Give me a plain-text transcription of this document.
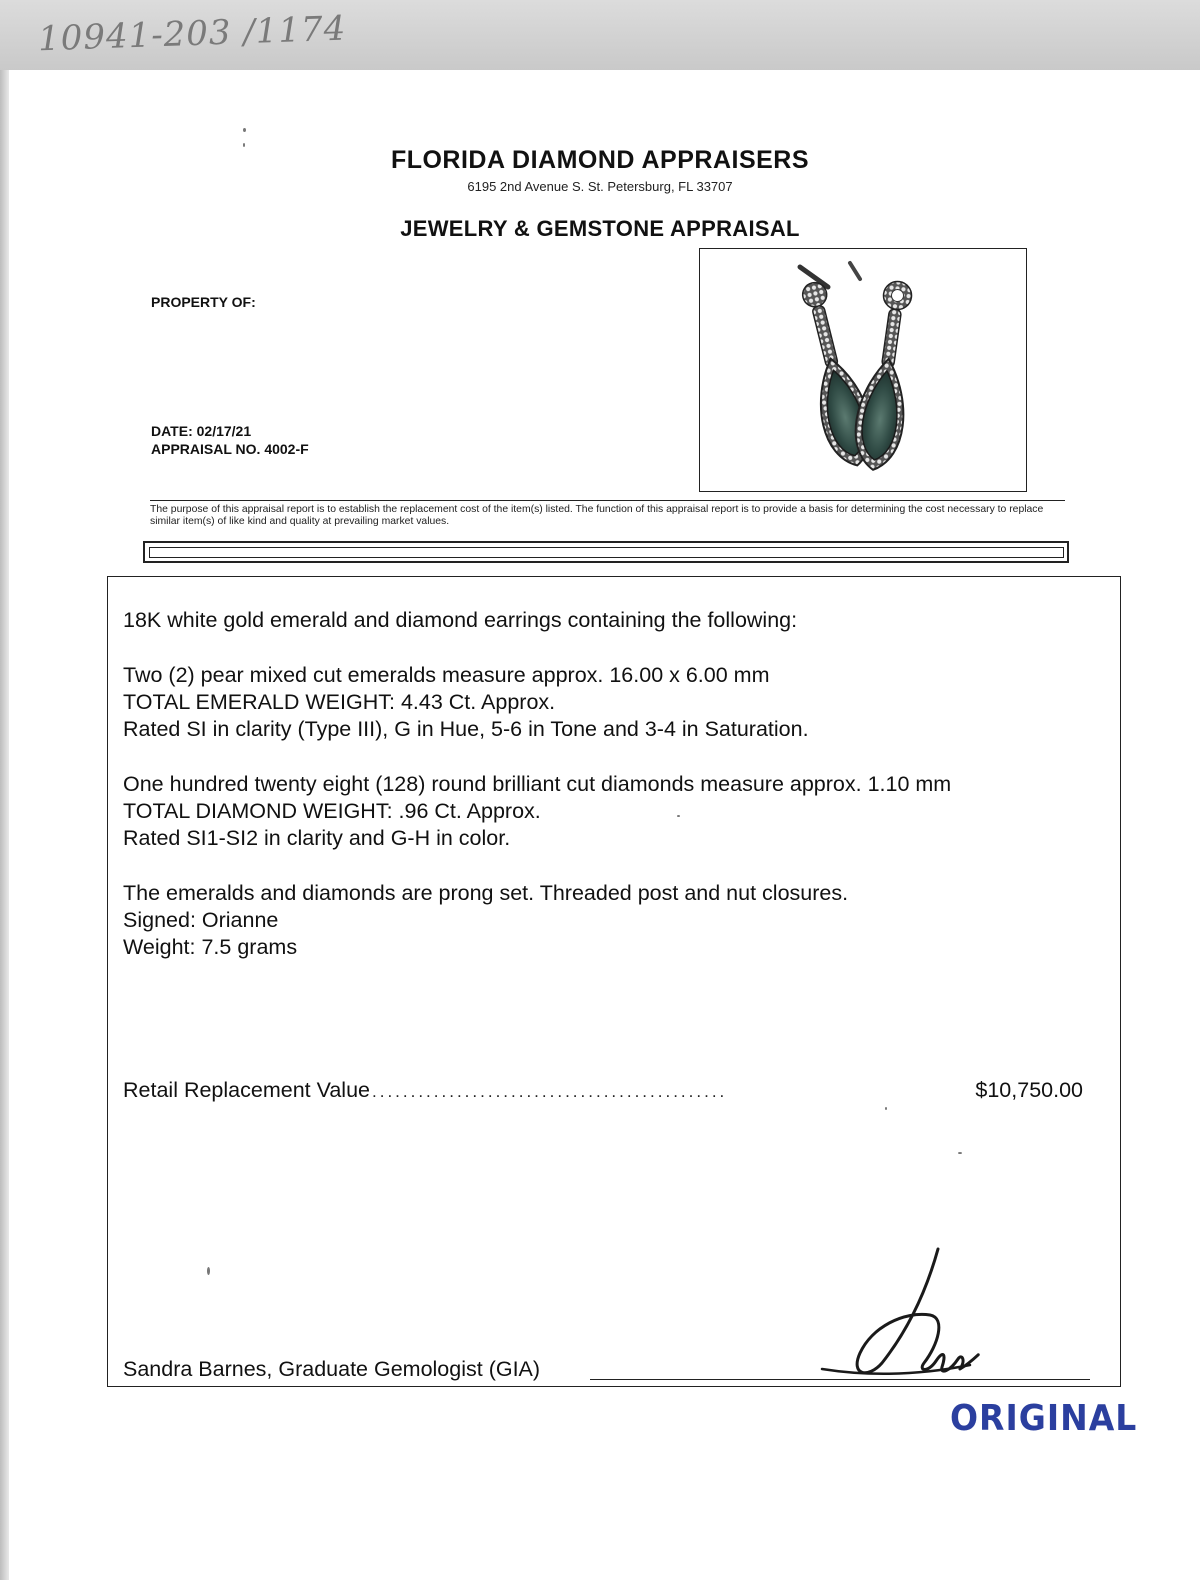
10941-203 /1174
FLORIDA DIAMOND APPRAISERS
6195 2nd Avenue S. St. Petersburg, FL 33707
JEWELRY & GEMSTONE APPRAISAL
PROPERTY OF:
DATE: 02/17/21
APPRAISAL NO. 4002-F
The purpose of this appraisal report is to establish the replacement cost of the item(s) listed. The function of this appraisal report is to provide a basis for determining the cost necessary to replace similar item(s) of like kind and quality at prevailing market values.
18K white gold emerald and diamond earrings containing the following:
Two (2) pear mixed cut emeralds measure approx. 16.00 x 6.00 mm
TOTAL EMERALD WEIGHT: 4.43 Ct. Approx.
Rated SI in clarity (Type III), G in Hue, 5-6 in Tone and 3-4 in Saturation.
One hundred twenty eight (128) round brilliant cut diamonds measure approx. 1.10 mm
TOTAL DIAMOND WEIGHT: .96 Ct. Approx.
Rated SI1-SI2 in clarity and G-H in color.
The emeralds and diamonds are prong set. Threaded post and nut closures.
Signed: Orianne
Weight: 7.5 grams
Retail Replacement Value ..............................................	$10,750.00
Sandra Barnes, Graduate Gemologist (GIA)
ORIGINAL
